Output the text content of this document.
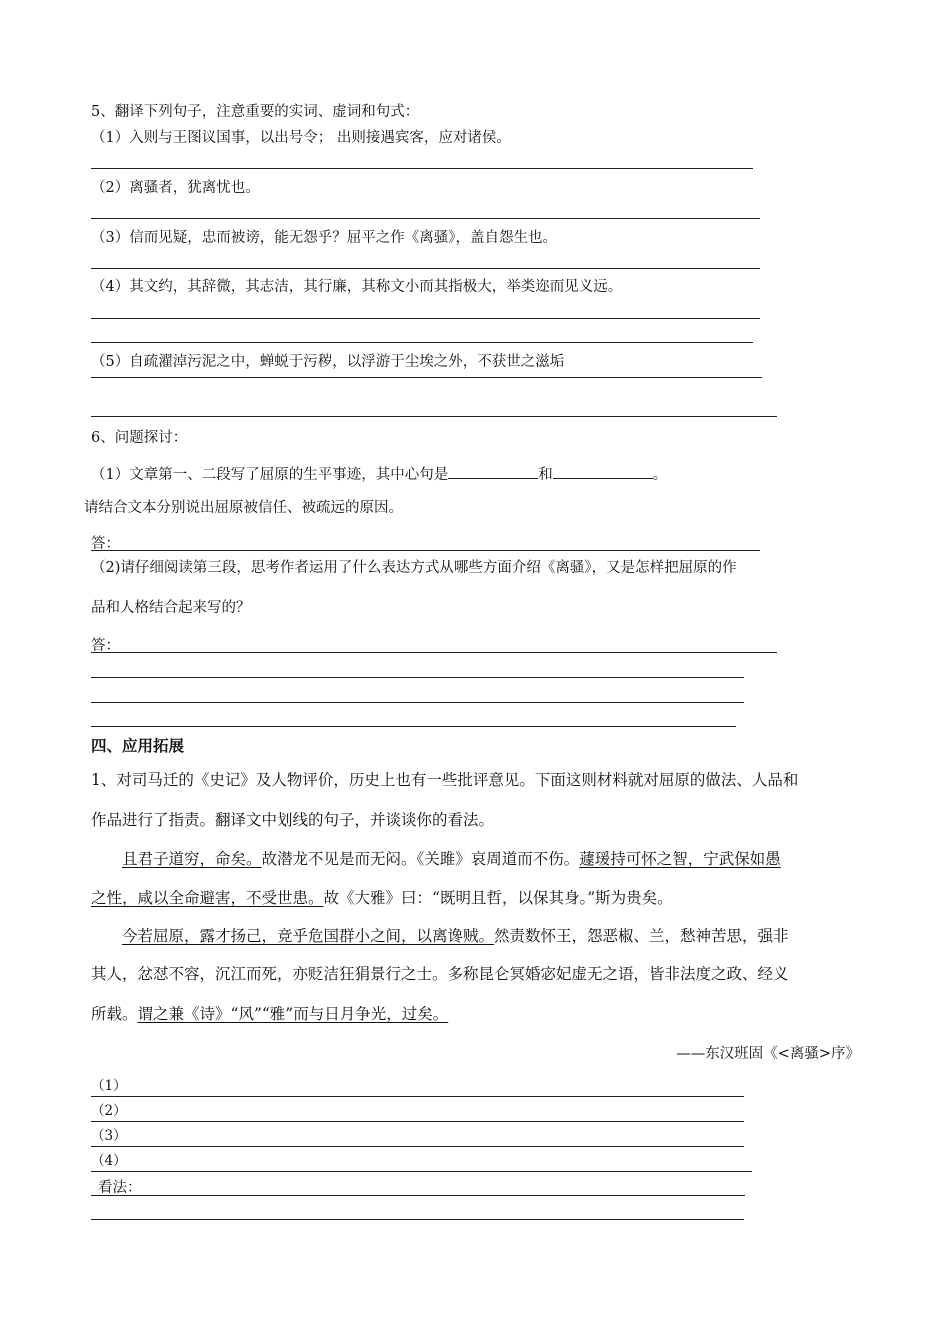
5、翻译下列句子，注意重要的实词、虚词和句式：
（1）入则与王图议国事，以出号令； 出则接遇宾客，应对诸侯。
（2）离骚者，犹离忧也。
（3）信而见疑，忠而被谤，能无怨乎？屈平之作《离骚》，盖自怨生也。
（4）其文约，其辞微，其志洁，其行廉，其称文小而其指极大，举类迩而见义远。
（5）自疏濯淖污泥之中，蝉蜕于污秽，以浮游于尘埃之外，不获世之滋垢
6、问题探讨：
（1）文章第一、二段写了屈原的生平事迹，其中心句是	和	。
请结合文本分别说出屈原被信任、被疏远的原因。
答：
（2)请仔细阅读第三段，思考作者运用了什么表达方式从哪些方面介绍《离骚》，又是怎样把屈原的作
品和人格结合起来写的？
答：
四、应用拓展
1、对司马迁的《史记》及人物评价，历史上也有一些批评意见。下面这则材料就对屈原的做法、人品和
作品进行了指责。翻译文中划线的句子，并谈谈你的看法。
且君子道穷，命矣。故潜龙不见是而无闷。《关雎》哀周道而不伤。蘧瑗持可怀之智，宁武保如愚
之性，咸以全命避害，不受世患。故《大雅》曰：“既明且哲，以保其身。”斯为贵矣。
今若屈原，露才扬己，竞乎危国群小之间，以离谗贼。然责数怀王，怨恶椒、兰，愁神苦思，强非
其人，忿怼不容，沉江而死，亦贬洁狂狷景行之士。多称昆仑冥婚宓妃虚无之语，皆非法度之政、经义
所载。谓之兼《诗》“风”“雅”而与日月争光，过矣。
——东汉班固《<离骚>序》
（1）
（2）
（3）
（4）
看法：
